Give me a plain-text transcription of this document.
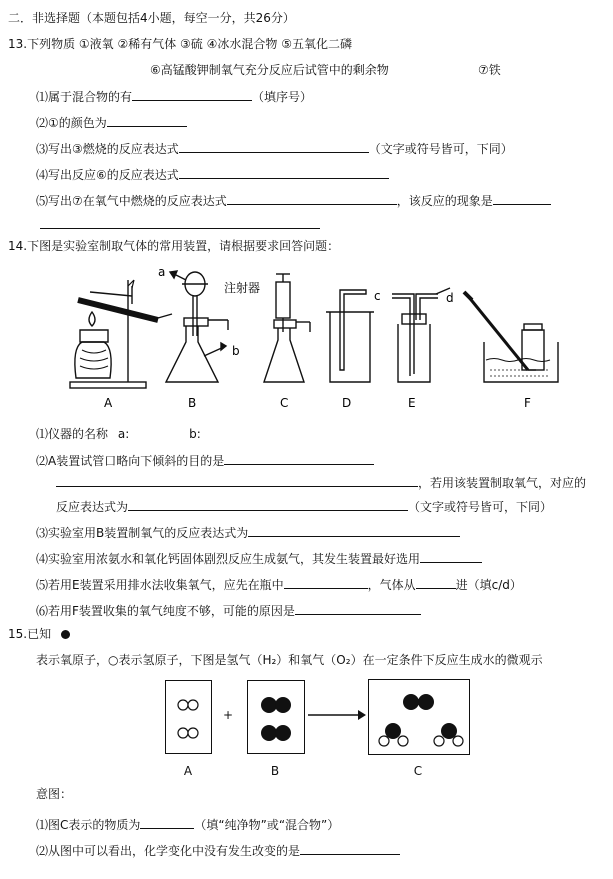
二．非选择题（本题包括4小题，每空一分，共26分）
13.下列物质 ①液氧 ②稀有气体 ③硫 ④冰水混合物 ⑤五氧化二磷
⑥高锰酸钾制氧气充分反应后试管中的剩余物	⑦铁
⑴属于混合物的有	（填序号）
⑵①的颜色为
⑶写出③燃烧的反应表达式	（文字或符号皆可，下同）
⑷写出反应⑥的反应表达式
⑸写出⑦在氧气中燃烧的反应表达式	，该反应的现象是
14.下图是实验室制取气体的常用装置，请根据要求回答问题：
a
b
注射器
c	d
A	B	C	D	E	F
⑴仪器的名称 a:	b:
⑵A装置试管口略向下倾斜的目的是
，若用该装置制取氧气，对应的
反应表达式为	（文字或符号皆可，下同）
⑶实验室用B装置制氧气的反应表达式为
⑷实验室用浓氨水和氧化钙固体剧烈反应生成氨气，其发生装置最好选用
⑸若用E装置采用排水法收集氧气，应先在瓶中	，气体从	进（填c/d）
⑹若用F装置收集的氧气纯度不够，可能的原因是
15.已知
表示氧原子，○表示氢原子，下图是氢气（H₂）和氧气（O₂）在一定条件下反应生成水的微观示
+
A	B	C
意图：
⑴图C表示的物质为	（填“纯净物”或“混合物”）
⑵从图中可以看出，化学变化中没有发生改变的是
